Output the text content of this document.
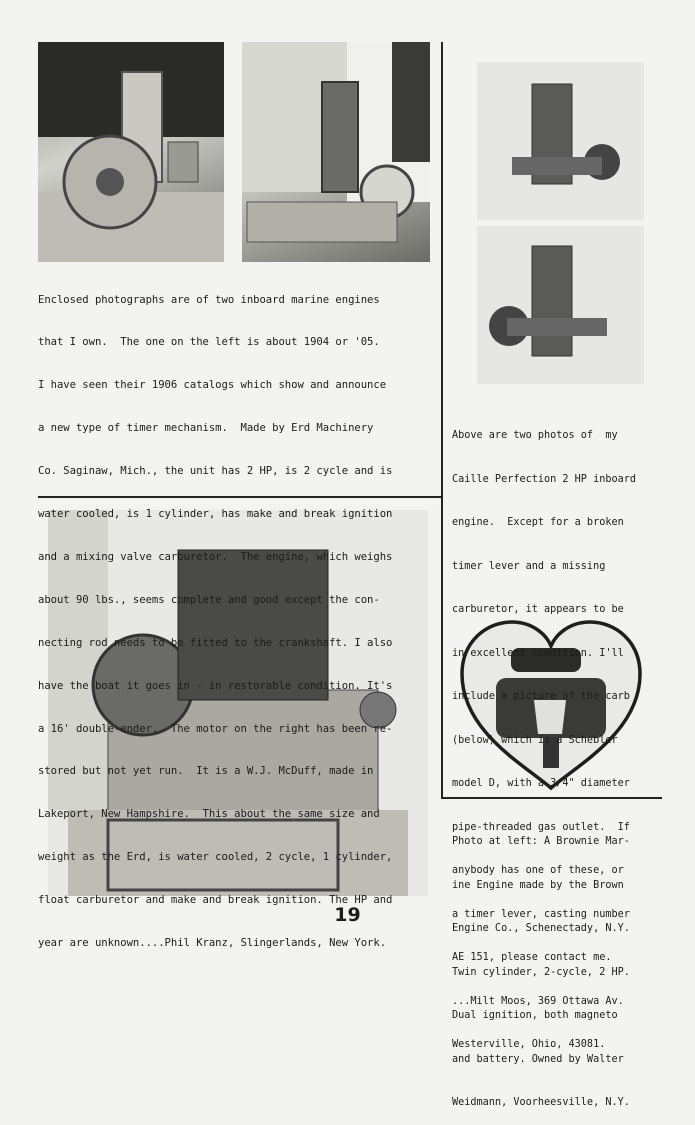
Enclosed photographs are of two inboard marine engines

that I own.  The one on the left is about 1904 or '05.

I have seen their 1906 catalogs which show and announce

a new type of timer mechanism.  Made by Erd Machinery

Co. Saginaw, Mich., the unit has 2 HP, is 2 cycle and is

water cooled, is 1 cylinder, has make and break ignition

and a mixing valve carburetor.  The engine, which weighs

about 90 lbs., seems complete and good except the con-

necting rod needs to be fitted to the crankshaft. I also

have the boat it goes in - in restorable condition. It's

a 16' double-ender.  The motor on the right has been re-

stored but not yet run.  It is a W.J. McDuff, made in

Lakeport, New Hampshire.  This about the same size and

weight as the Erd, is water cooled, 2 cycle, 1 cylinder,

float carburetor and make and break ignition. The HP and

year are unknown....Phil Kranz, Slingerlands, New York.

Above are two photos of  my

Caille Perfection 2 HP inboard

engine.  Except for a broken

timer lever and a missing

carburetor, it appears to be

in excellent condition. I'll

include a picture of the carb

(below) which is a Schebler

model D, with a 3/4" diameter

pipe-threaded gas outlet.  If

anybody has one of these, or

a timer lever, casting number

AE 151, please contact me.

...Milt Moos, 369 Ottawa Av.

Westerville, Ohio, 43081.

Photo at left: A Brownie Mar-

ine Engine made by the Brown

Engine Co., Schenectady, N.Y.

Twin cylinder, 2-cycle, 2 HP.

Dual ignition, both magneto

and battery. Owned by Walter

Weidmann, Voorheesville, N.Y.

19
